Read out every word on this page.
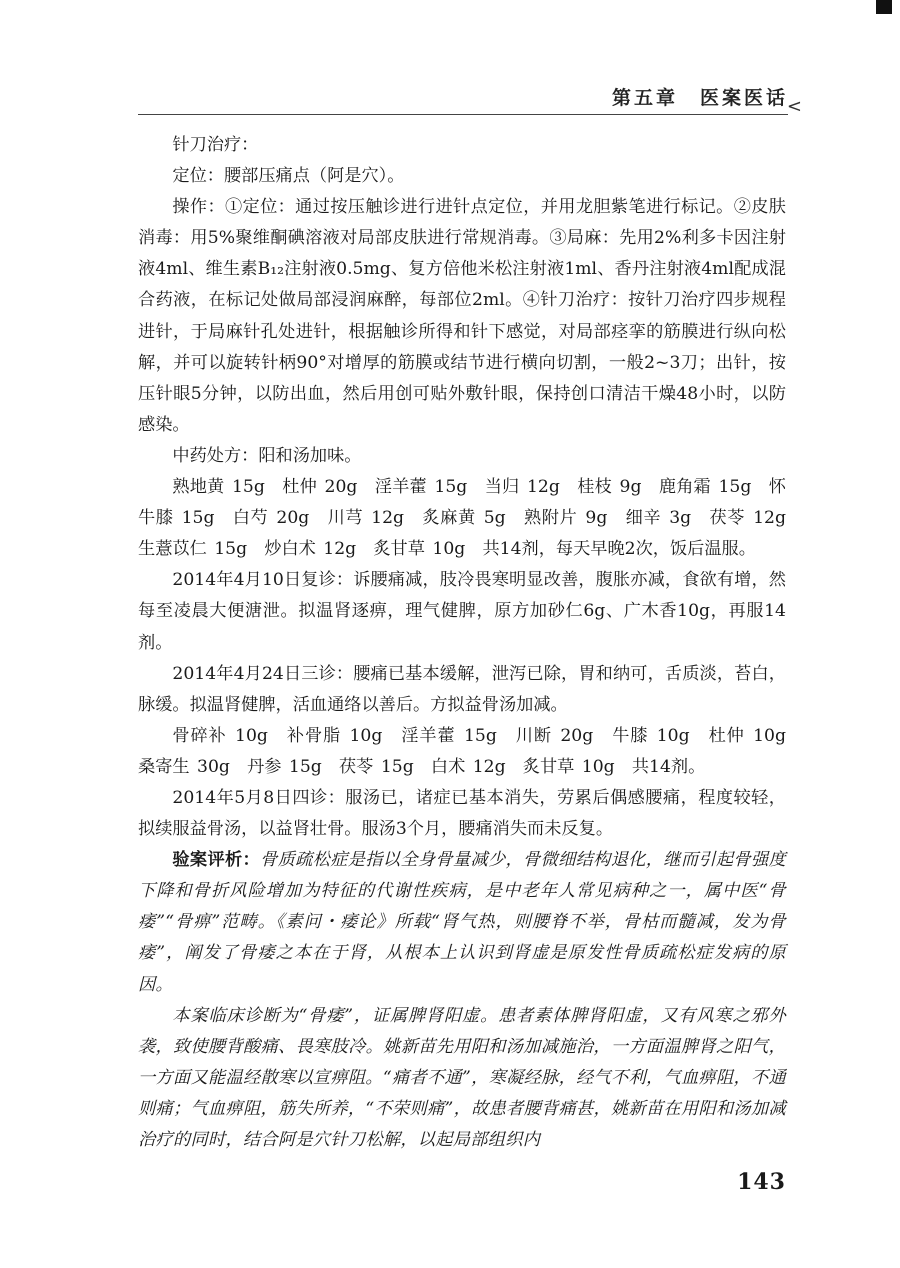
第五章　医案医话
<

针刀治疗：

定位：腰部压痛点（阿是穴）。

操作：①定位：通过按压触诊进行进针点定位，并用龙胆紫笔进行标记。②皮肤消毒：用5%聚维酮碘溶液对局部皮肤进行常规消毒。③局麻：先用2%利多卡因注射液4ml、维生素B₁₂注射液0.5mg、复方倍他米松注射液1ml、香丹注射液4ml配成混合药液，在标记处做局部浸润麻醉，每部位2ml。④针刀治疗：按针刀治疗四步规程进针，于局麻针孔处进针，根据触诊所得和针下感觉，对局部痉挛的筋膜进行纵向松解，并可以旋转针柄90°对增厚的筋膜或结节进行横向切割，一般2~3刀；出针，按压针眼5分钟，以防出血，然后用创可贴外敷针眼，保持创口清洁干燥48小时，以防感染。

中药处方：阳和汤加味。

熟地黄 15g　杜仲 20g　淫羊藿 15g　当归 12g　桂枝 9g　鹿角霜 15g　怀牛膝 15g　白芍 20g　川芎 12g　炙麻黄 5g　熟附片 9g　细辛 3g　茯苓 12g　生薏苡仁 15g　炒白术 12g　炙甘草 10g　共14剂，每天早晚2次，饭后温服。

2014年4月10日复诊：诉腰痛减，肢冷畏寒明显改善，腹胀亦减，食欲有增，然每至凌晨大便溏泄。拟温肾逐痹，理气健脾，原方加砂仁6g、广木香10g，再服14剂。

2014年4月24日三诊：腰痛已基本缓解，泄泻已除，胃和纳可，舌质淡，苔白，脉缓。拟温肾健脾，活血通络以善后。方拟益骨汤加减。

骨碎补 10g　补骨脂 10g　淫羊藿 15g　川断 20g　牛膝 10g　杜仲 10g　桑寄生 30g　丹参 15g　茯苓 15g　白术 12g　炙甘草 10g　共14剂。

2014年5月8日四诊：服汤已，诸症已基本消失，劳累后偶感腰痛，程度较轻，拟续服益骨汤，以益肾壮骨。服汤3个月，腰痛消失而未反复。

验案评析：骨质疏松症是指以全身骨量减少，骨微细结构退化，继而引起骨强度下降和骨折风险增加为特征的代谢性疾病，是中老年人常见病种之一，属中医“骨痿”“骨痹”范畴。《素问・痿论》所载“肾气热，则腰脊不举，骨枯而髓减，发为骨痿”，阐发了骨痿之本在于肾，从根本上认识到肾虚是原发性骨质疏松症发病的原因。

本案临床诊断为“骨痿”，证属脾肾阳虚。患者素体脾肾阳虚，又有风寒之邪外袭，致使腰背酸痛、畏寒肢冷。姚新苗先用阳和汤加减施治，一方面温脾肾之阳气，一方面又能温经散寒以宣痹阻。“痛者不通”，寒凝经脉，经气不利，气血痹阻，不通则痛；气血痹阻，筋失所养，“不荣则痛”，故患者腰背痛甚，姚新苗在用阳和汤加减治疗的同时，结合阿是穴针刀松解，以起局部组织内

143
